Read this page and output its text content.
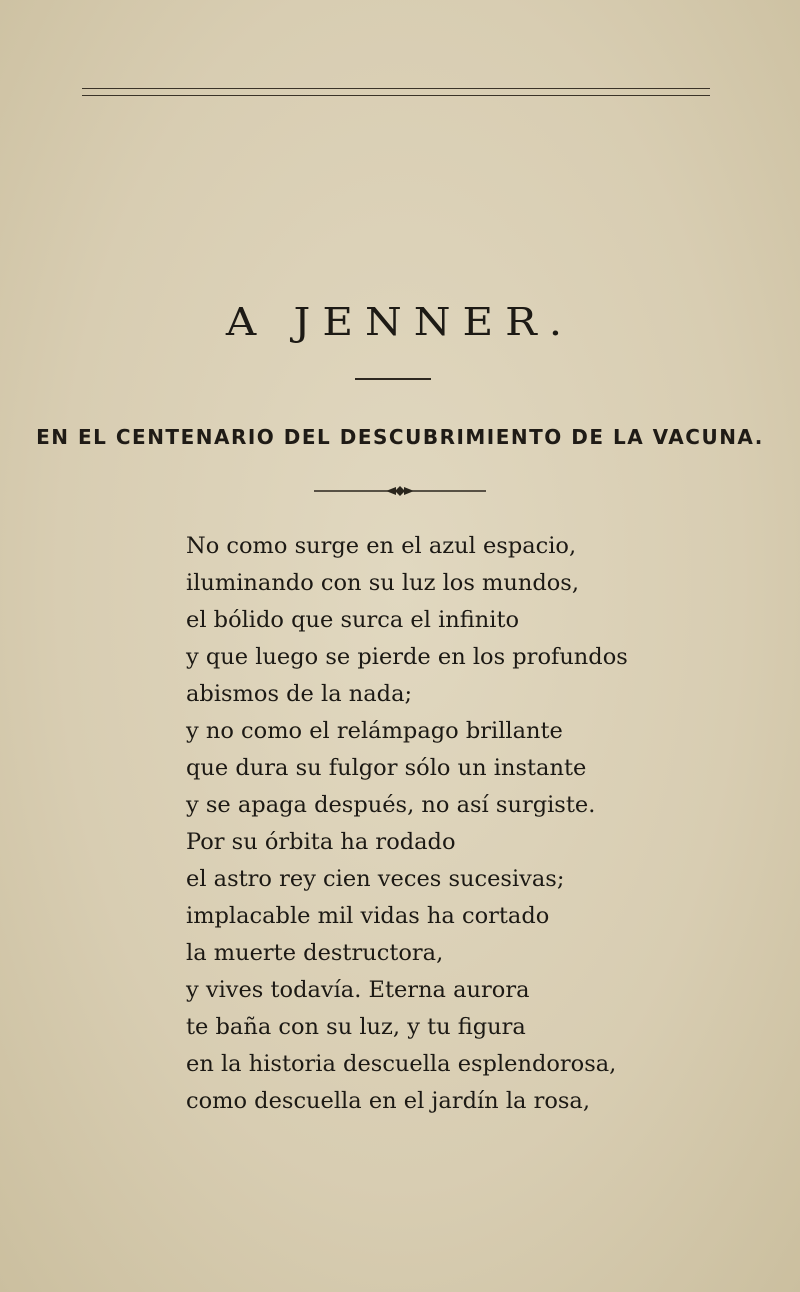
A JENNER.
EN EL CENTENARIO DEL DESCUBRIMIENTO DE LA VACUNA.
No como surge en el azul espacio,
iluminando con su luz los mundos,
el bólido que surca el infinito
y que luego se pierde en los profundos
abismos de la nada;
y no como el relámpago brillante
que dura su fulgor sólo un instante
y se apaga después, no así surgiste.
Por su órbita ha rodado
el astro rey cien veces sucesivas;
implacable mil vidas ha cortado
la muerte destructora,
y vives todavía. Eterna aurora
te baña con su luz, y tu figura
en la historia descuella esplendorosa,
como descuella en el jardín la rosa,
